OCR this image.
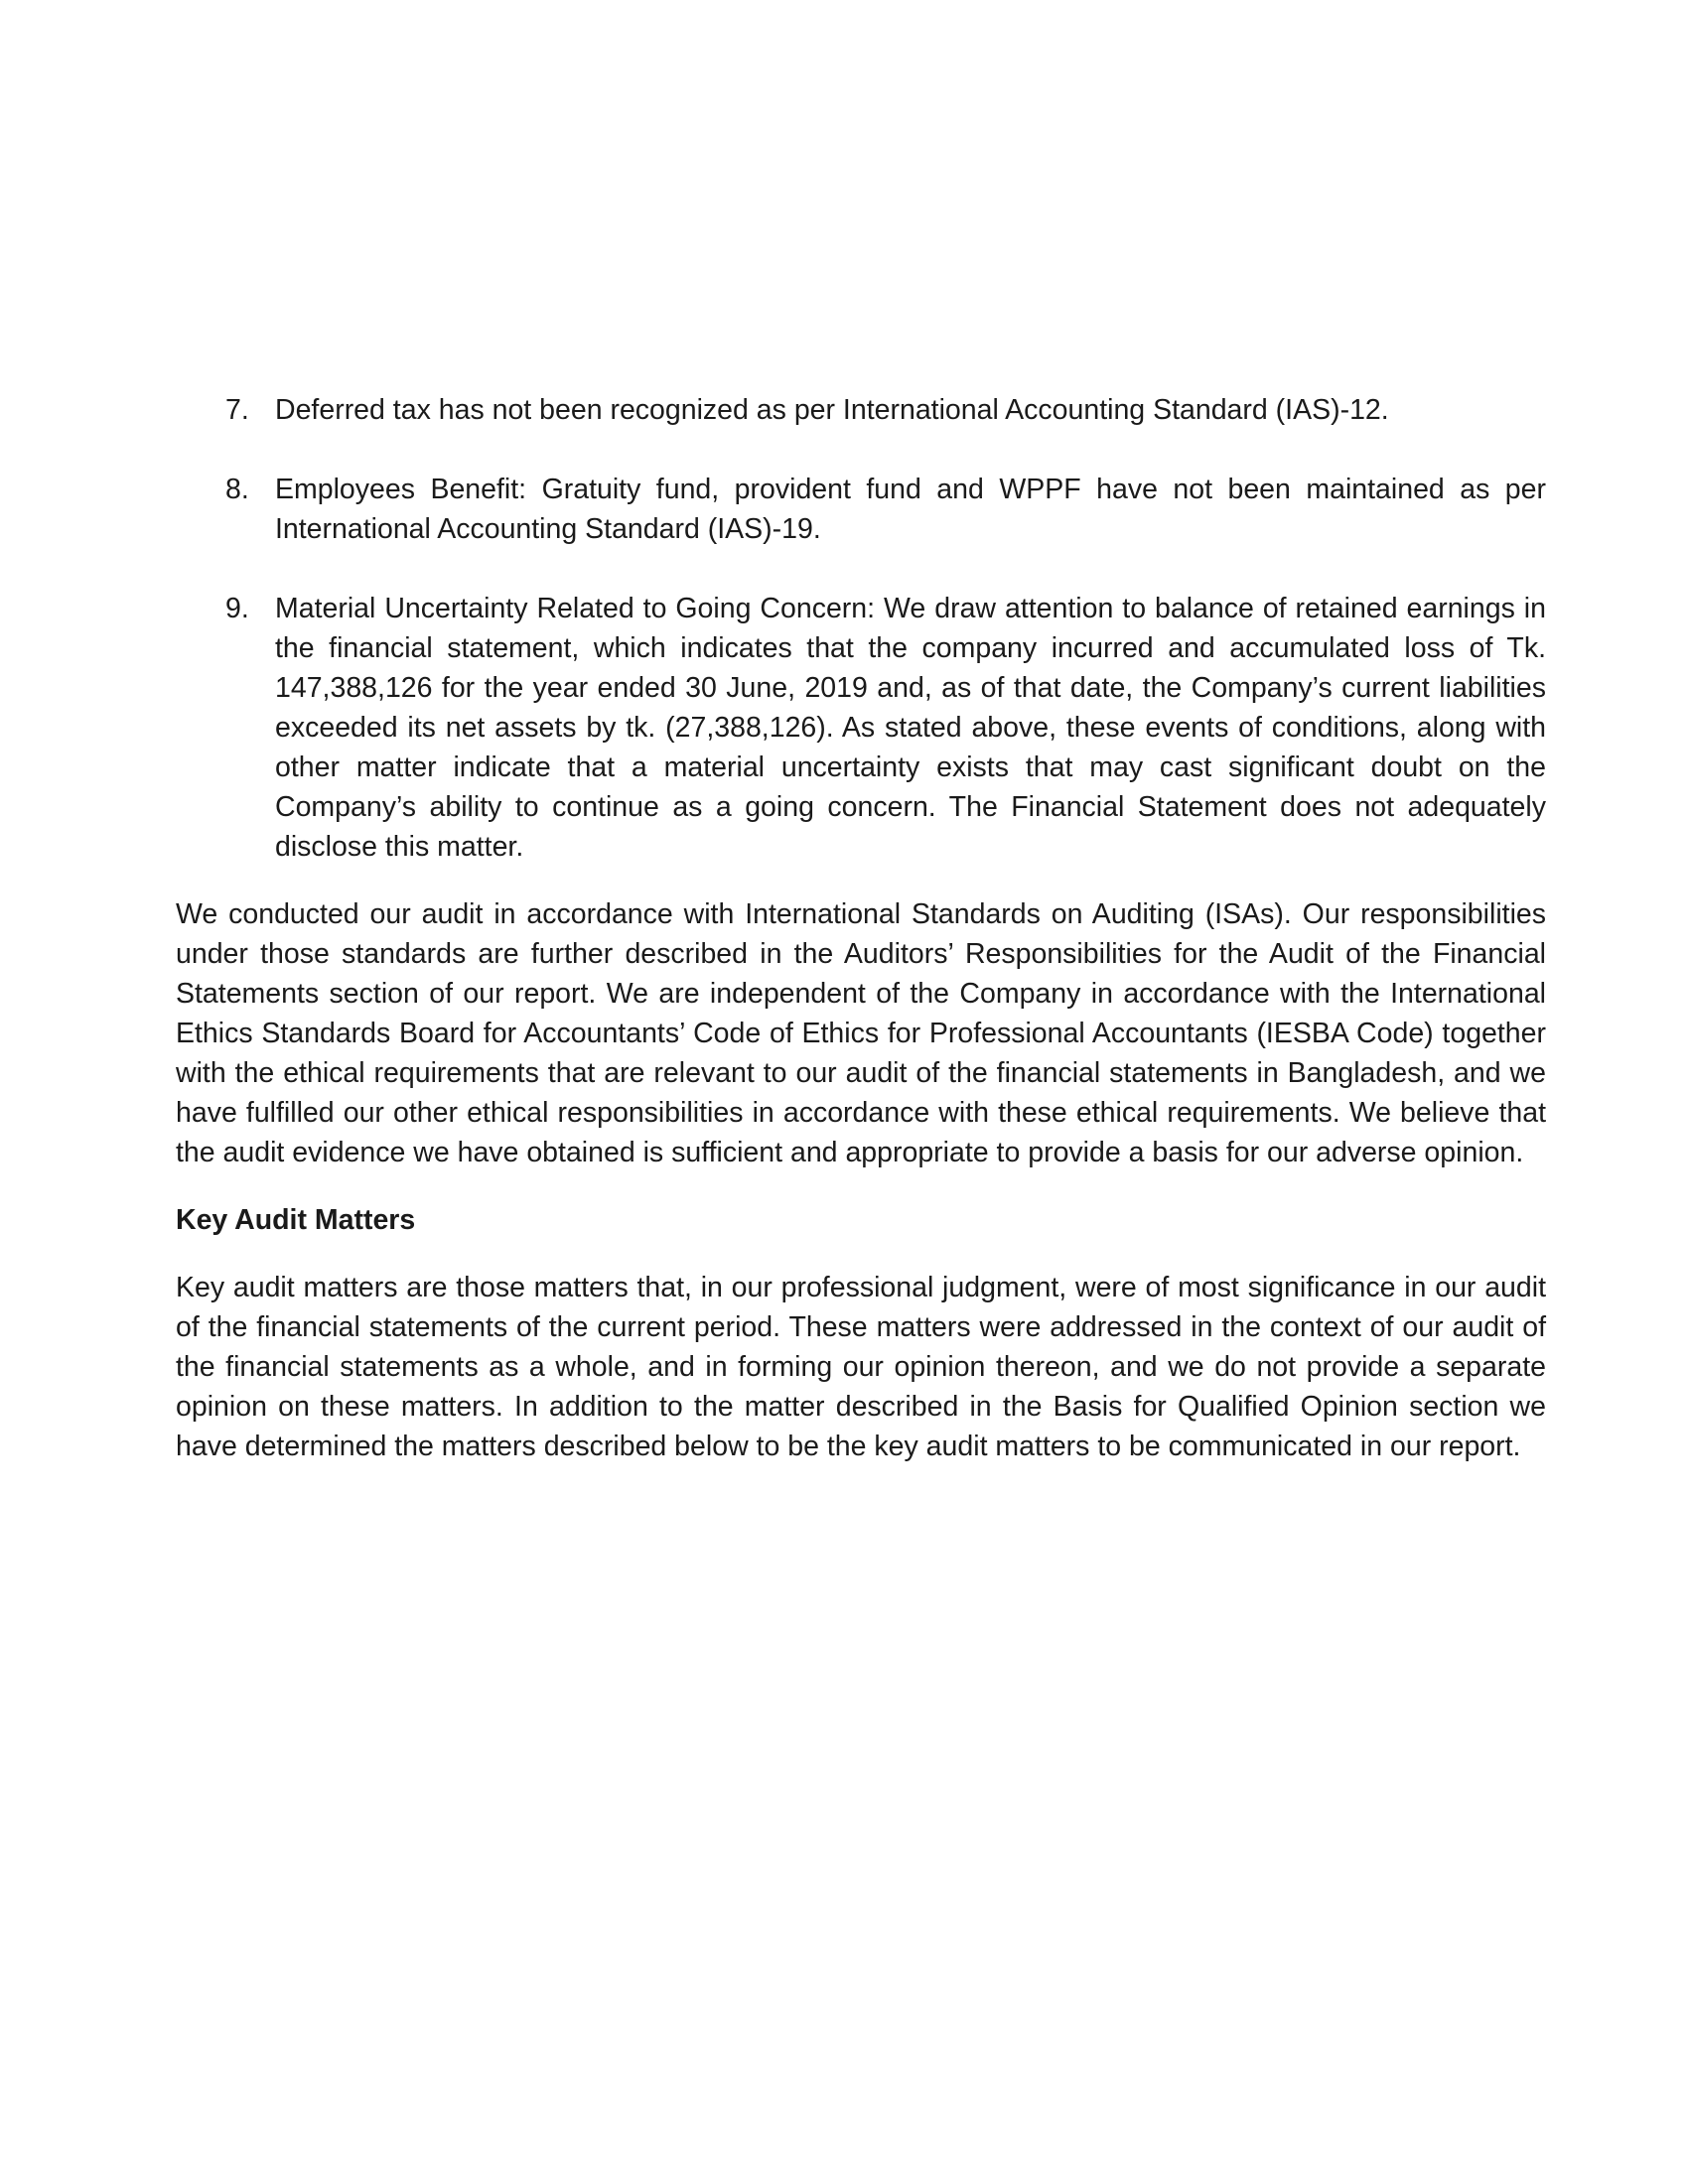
7. Deferred tax has not been recognized as per International Accounting Standard (IAS)-12.
8. Employees Benefit: Gratuity fund, provident fund and WPPF have not been maintained as per International Accounting Standard (IAS)-19.
9. Material Uncertainty Related to Going Concern: We draw attention to balance of retained earnings in the financial statement, which indicates that the company incurred and accumulated loss of Tk. 147,388,126 for the year ended 30 June, 2019 and, as of that date, the Company’s current liabilities exceeded its net assets by tk. (27,388,126). As stated above, these events of conditions, along with other matter indicate that a material uncertainty exists that may cast significant doubt on the Company’s ability to continue as a going concern. The Financial Statement does not adequately disclose this matter.

We conducted our audit in accordance with International Standards on Auditing (ISAs). Our responsibilities under those standards are further described in the Auditors’ Responsibilities for the Audit of the Financial Statements section of our report. We are independent of the Company in accordance with the International Ethics Standards Board for Accountants’ Code of Ethics for Professional Accountants (IESBA Code) together with the ethical requirements that are relevant to our audit of the financial statements in Bangladesh, and we have fulfilled our other ethical responsibilities in accordance with these ethical requirements. We believe that the audit evidence we have obtained is sufficient and appropriate to provide a basis for our adverse opinion.

Key Audit Matters

Key audit matters are those matters that, in our professional judgment, were of most significance in our audit of the financial statements of the current period. These matters were addressed in the context of our audit of the financial statements as a whole, and in forming our opinion thereon, and we do not provide a separate opinion on these matters. In addition to the matter described in the Basis for Qualified Opinion section we have determined the matters described below to be the key audit matters to be communicated in our report.
